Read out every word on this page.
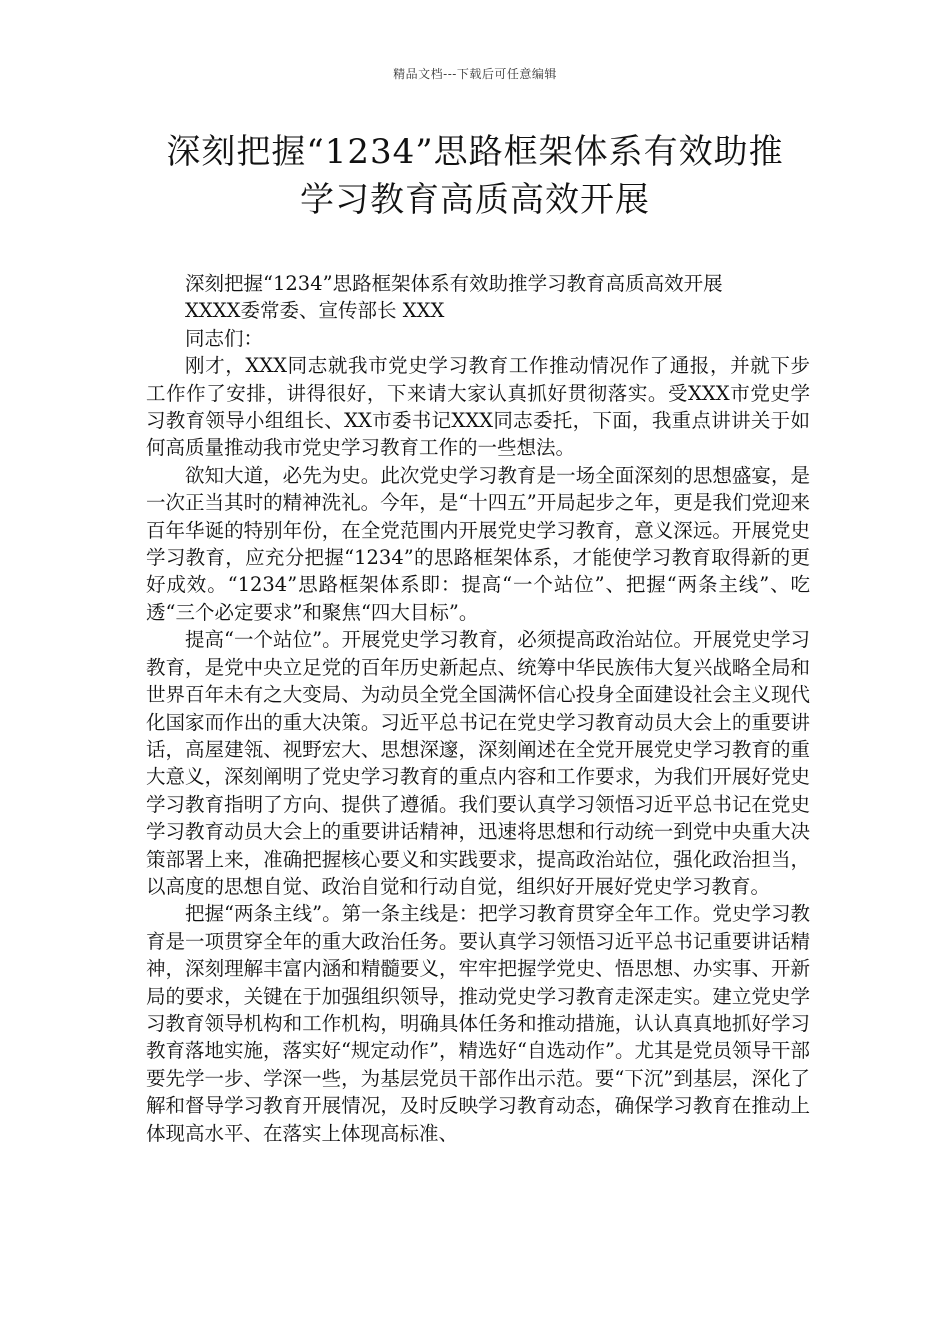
精品文档---下载后可任意编辑
深刻把握“1234”思路框架体系有效助推
学习教育高质高效开展

深刻把握“1234”思路框架体系有效助推学习教育高质高效开展

XXXX委常委、宣传部长 XXX

同志们：

刚才，XXX同志就我市党史学习教育工作推动情况作了通报，并就下步工作作了安排，讲得很好，下来请大家认真抓好贯彻落实。受XXX市党史学习教育领导小组组长、XX市委书记XXX同志委托，下面，我重点讲讲关于如何高质量推动我市党史学习教育工作的一些想法。

欲知大道，必先为史。此次党史学习教育是一场全面深刻的思想盛宴，是一次正当其时的精神洗礼。今年，是“十四五”开局起步之年，更是我们党迎来百年华诞的特别年份，在全党范围内开展党史学习教育，意义深远。开展党史学习教育，应充分把握“1234”的思路框架体系，才能使学习教育取得新的更好成效。“1234”思路框架体系即：提高“一个站位”、把握“两条主线”、吃透“三个必定要求”和聚焦“四大目标”。

提高“一个站位”。开展党史学习教育，必须提高政治站位。开展党史学习教育，是党中央立足党的百年历史新起点、统筹中华民族伟大复兴战略全局和世界百年未有之大变局、为动员全党全国满怀信心投身全面建设社会主义现代化国家而作出的重大决策。习近平总书记在党史学习教育动员大会上的重要讲话，高屋建瓴、视野宏大、思想深邃，深刻阐述在全党开展党史学习教育的重大意义，深刻阐明了党史学习教育的重点内容和工作要求，为我们开展好党史学习教育指明了方向、提供了遵循。我们要认真学习领悟习近平总书记在党史学习教育动员大会上的重要讲话精神，迅速将思想和行动统一到党中央重大决策部署上来，准确把握核心要义和实践要求，提高政治站位，强化政治担当，以高度的思想自觉、政治自觉和行动自觉，组织好开展好党史学习教育。

把握“两条主线”。第一条主线是：把学习教育贯穿全年工作。党史学习教育是一项贯穿全年的重大政治任务。要认真学习领悟习近平总书记重要讲话精神，深刻理解丰富内涵和精髓要义，牢牢把握学党史、悟思想、办实事、开新局的要求，关键在于加强组织领导，推动党史学习教育走深走实。建立党史学习教育领导机构和工作机构，明确具体任务和推动措施，认认真真地抓好学习教育落地实施，落实好“规定动作”，精选好“自选动作”。尤其是党员领导干部要先学一步、学深一些，为基层党员干部作出示范。要“下沉”到基层，深化了解和督导学习教育开展情况，及时反映学习教育动态，确保学习教育在推动上体现高水平、在落实上体现高标准、
